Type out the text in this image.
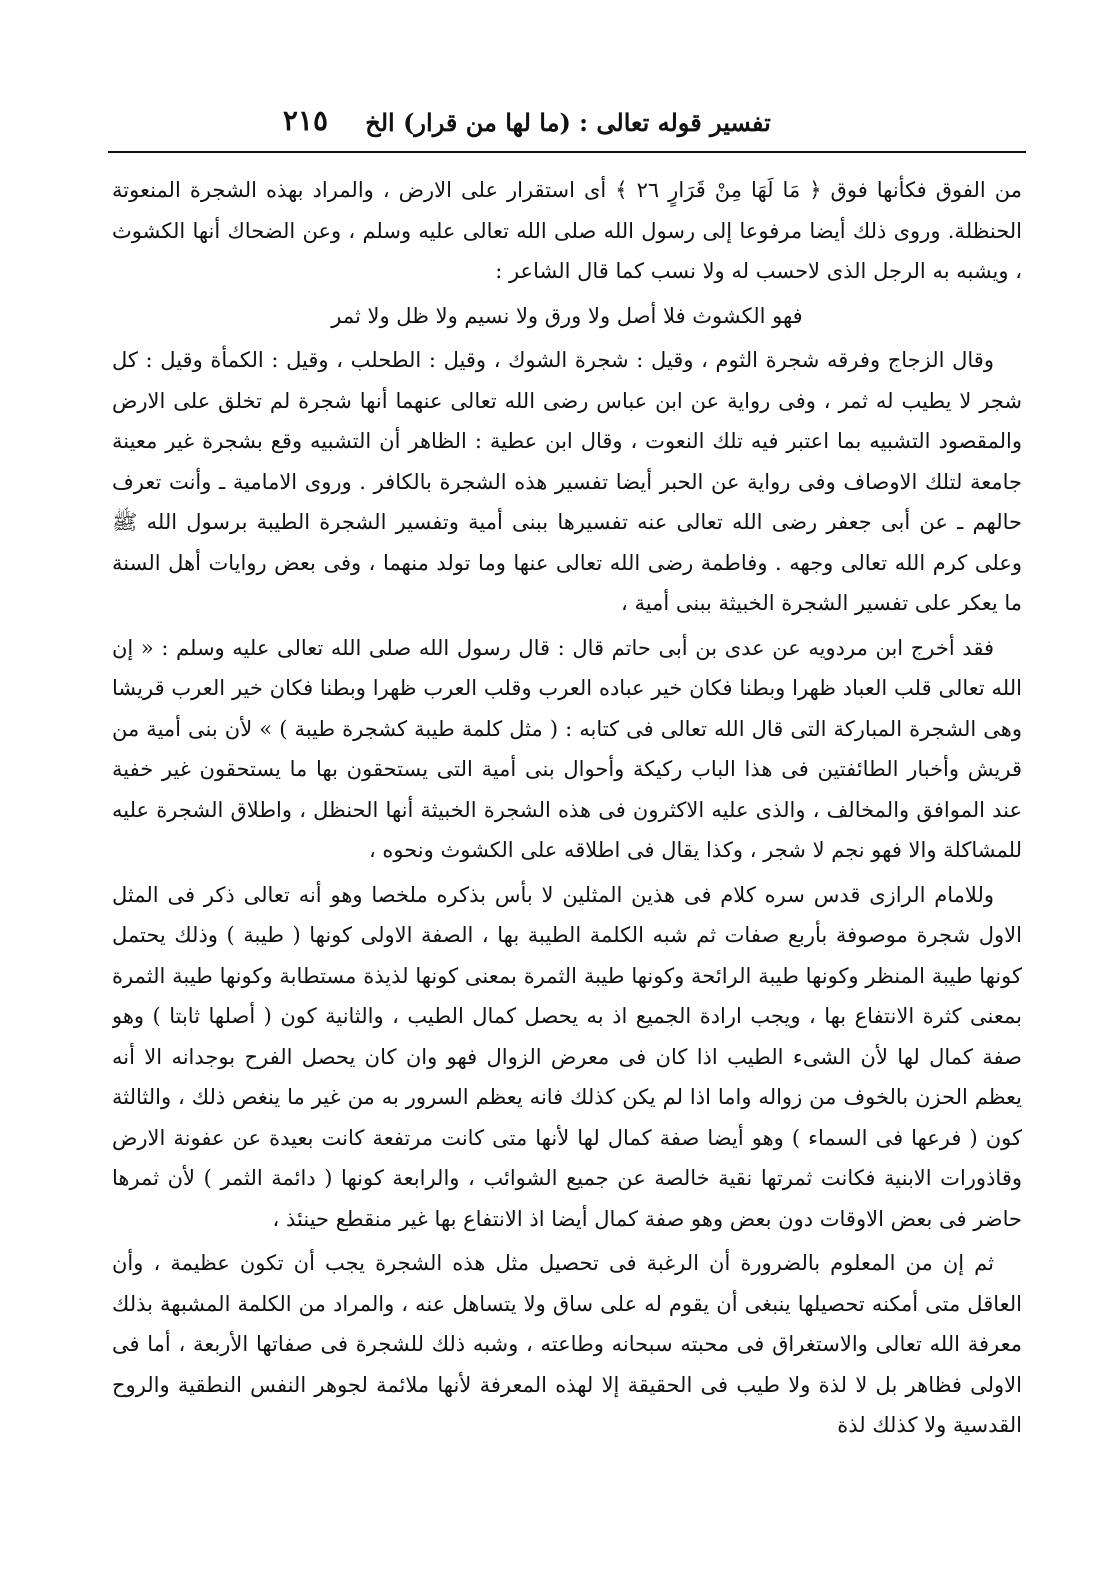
تفسير قوله تعالى : (ما لها من قرار) الخ
٢١٥

من الفوق فكأنها فوق ﴿ مَا لَهَا مِنْ قَرَارٍ ٢٦ ﴾ أى استقرار على الارض ، والمراد بهذه الشجرة المنعوتة الحنظلة. وروى ذلك أيضا مرفوعا إلى رسول الله صلى الله تعالى عليه وسلم ، وعن الضحاك أنها الكشوث ، ويشبه به الرجل الذى لاحسب له ولا نسب كما قال الشاعر :

فهو الكشوث فلا أصل ولا ورق ولا نسيم ولا ظل ولا ثمر

وقال الزجاج وفرقه شجرة الثوم ، وقيل : شجرة الشوك ، وقيل : الطحلب ، وقيل : الكمأة وقيل : كل شجر لا يطيب له ثمر ، وفى رواية عن ابن عباس رضى الله تعالى عنهما أنها شجرة لم تخلق على الارض والمقصود التشبيه بما اعتبر فيه تلك النعوت ، وقال ابن عطية : الظاهر أن التشبيه وقع بشجرة غير معينة جامعة لتلك الاوصاف وفى رواية عن الحبر أيضا تفسير هذه الشجرة بالكافر . وروى الامامية ـ وأنت تعرف حالهم ـ عن أبى جعفر رضى الله تعالى عنه تفسيرها ببنى أمية وتفسير الشجرة الطيبة برسول الله ﷺ وعلى كرم الله تعالى وجهه . وفاطمة رضى الله تعالى عنها وما تولد منهما ، وفى بعض روايات أهل السنة ما يعكر على تفسير الشجرة الخبيثة ببنى أمية ،

فقد أخرج ابن مردويه عن عدى بن أبى حاتم قال : قال رسول الله صلى الله تعالى عليه وسلم : « إن الله تعالى قلب العباد ظهرا وبطنا فكان خير عباده العرب وقلب العرب ظهرا وبطنا فكان خير العرب قريشا وهى الشجرة المباركة التى قال الله تعالى فى كتابه : ( مثل كلمة طيبة كشجرة طيبة ) » لأن بنى أمية من قريش وأخبار الطائفتين فى هذا الباب ركيكة وأحوال بنى أمية التى يستحقون بها ما يستحقون غير خفية عند الموافق والمخالف ، والذى عليه الاكثرون فى هذه الشجرة الخبيثة أنها الحنظل ، واطلاق الشجرة عليه للمشاكلة والا فهو نجم لا شجر ، وكذا يقال فى اطلاقه على الكشوث ونحوه ،

وللامام الرازى قدس سره كلام فى هذين المثلين لا بأس بذكره ملخصا وهو أنه تعالى ذكر فى المثل الاول شجرة موصوفة بأربع صفات ثم شبه الكلمة الطيبة بها ، الصفة الاولى كونها ( طيبة ) وذلك يحتمل كونها طيبة المنظر وكونها طيبة الرائحة وكونها طيبة الثمرة بمعنى كونها لذيذة مستطابة وكونها طيبة الثمرة بمعنى كثرة الانتفاع بها ، ويجب ارادة الجميع اذ به يحصل كمال الطيب ، والثانية كون ( أصلها ثابتا ) وهو صفة كمال لها لأن الشىء الطيب اذا كان فى معرض الزوال فهو وان كان يحصل الفرح بوجدانه الا أنه يعظم الحزن بالخوف من زواله واما اذا لم يكن كذلك فانه يعظم السرور به من غير ما ينغص ذلك ، والثالثة كون ( فرعها فى السماء ) وهو أيضا صفة كمال لها لأنها متى كانت مرتفعة كانت بعيدة عن عفونة الارض وقاذورات الابنية فكانت ثمرتها نقية خالصة عن جميع الشوائب ، والرابعة كونها ( دائمة الثمر ) لأن ثمرها حاضر فى بعض الاوقات دون بعض وهو صفة كمال أيضا اذ الانتفاع بها غير منقطع حينئذ ،

ثم إن من المعلوم بالضرورة أن الرغبة فى تحصيل مثل هذه الشجرة يجب أن تكون عظيمة ، وأن العاقل متى أمكنه تحصيلها ينبغى أن يقوم له على ساق ولا يتساهل عنه ، والمراد من الكلمة المشبهة بذلك معرفة الله تعالى والاستغراق فى محبته سبحانه وطاعته ، وشبه ذلك للشجرة فى صفاتها الأربعة ، أما فى الاولى فظاهر بل لا لذة ولا طيب فى الحقيقة إلا لهذه المعرفة لأنها ملائمة لجوهر النفس النطقية والروح القدسية ولا كذلك لذة
